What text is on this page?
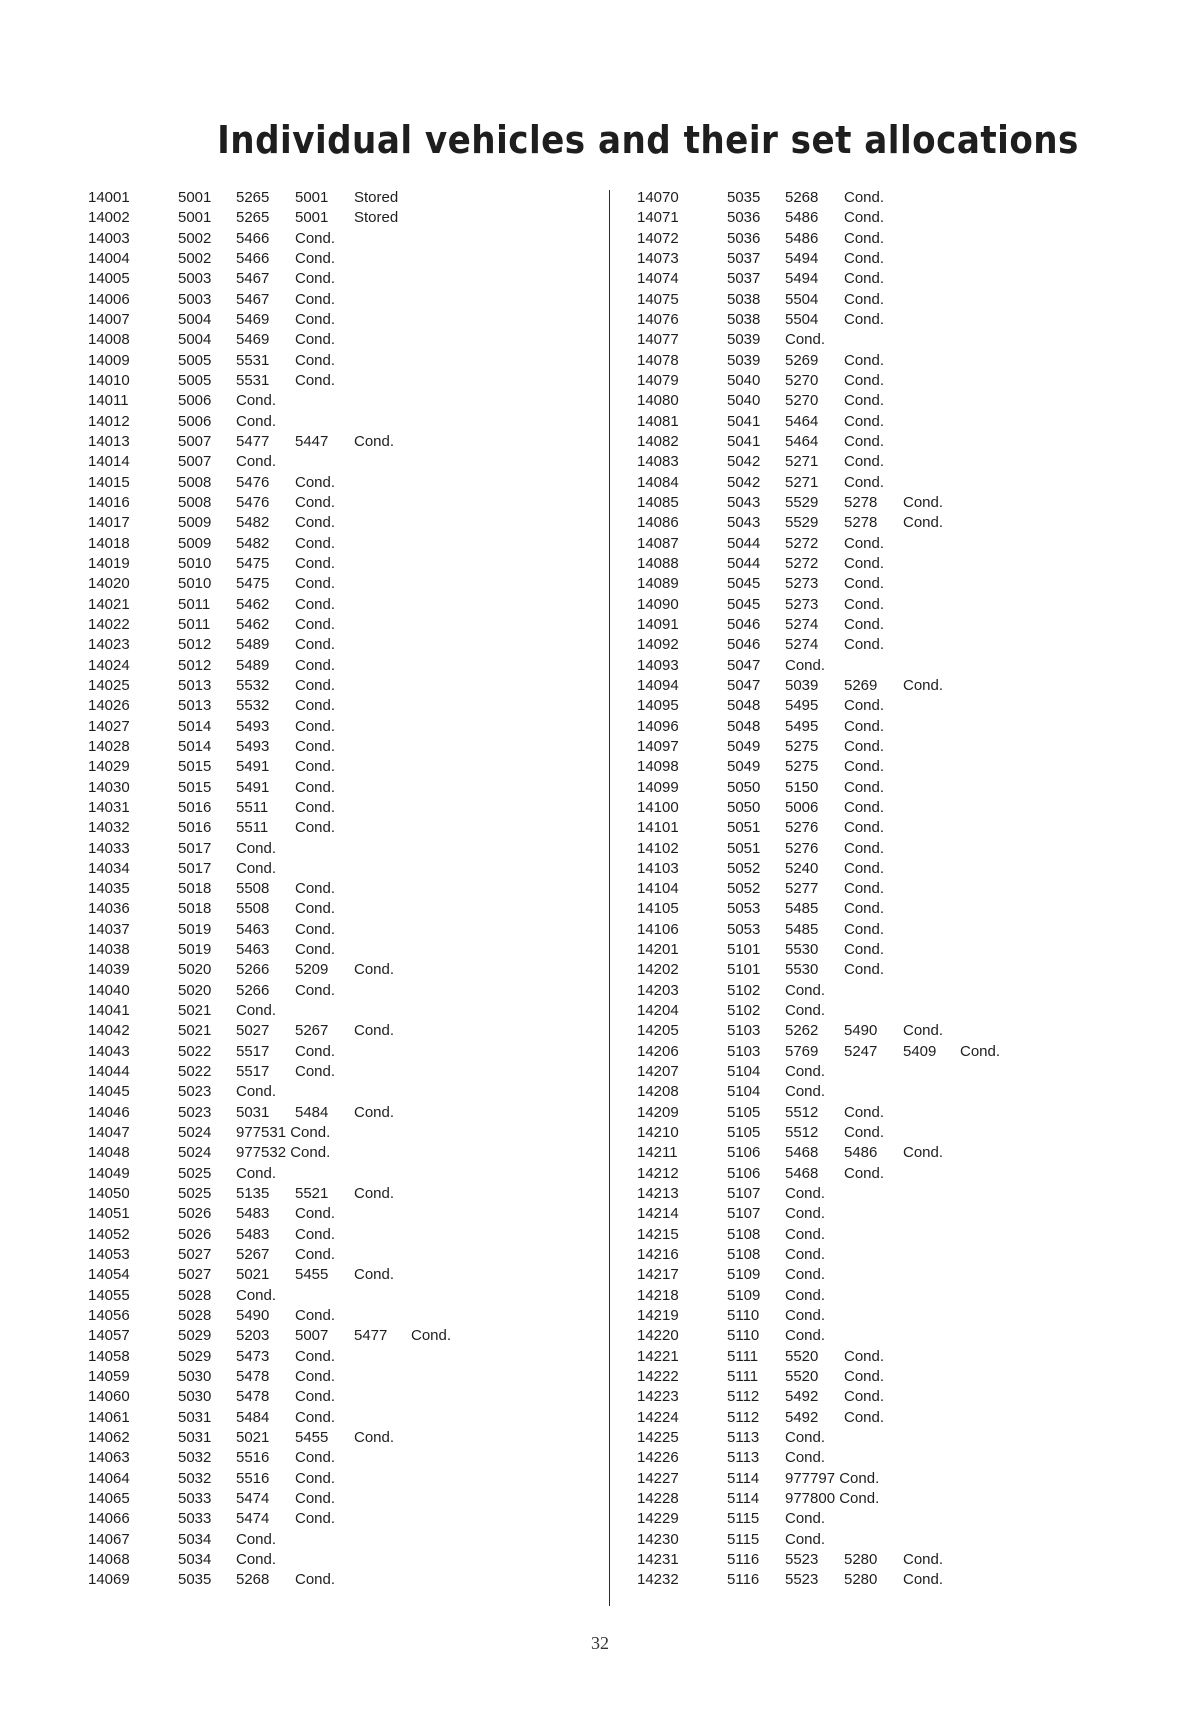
Individual vehicles and their set allocations
14001	5001 5265 5001 Stored
14002	5001 5265 5001 Stored
14003	5002 5466 Cond.
14004	5002 5466 Cond.
14005	5003 5467 Cond.
14006	5003 5467 Cond.
14007	5004 5469 Cond.
14008	5004 5469 Cond.
14009	5005 5531 Cond.
14010	5005 5531 Cond.
14011	5006 Cond.
14012	5006 Cond.
14013	5007 5477 5447 Cond.
14014	5007 Cond.
14015	5008 5476 Cond.
14016	5008 5476 Cond.
14017	5009 5482 Cond.
14018	5009 5482 Cond.
14019	5010 5475 Cond.
14020	5010 5475 Cond.
14021	5011 5462 Cond.
14022	5011 5462 Cond.
14023	5012 5489 Cond.
14024	5012 5489 Cond.
14025	5013 5532 Cond.
14026	5013 5532 Cond.
14027	5014 5493 Cond.
14028	5014 5493 Cond.
14029	5015 5491 Cond.
14030	5015 5491 Cond.
14031	5016 5511 Cond.
14032	5016 5511 Cond.
14033	5017 Cond.
14034	5017 Cond.
14035	5018 5508 Cond.
14036	5018 5508 Cond.
14037	5019 5463 Cond.
14038	5019 5463 Cond.
14039	5020 5266 5209 Cond.
14040	5020 5266 Cond.
14041	5021 Cond.
14042	5021 5027 5267 Cond.
14043	5022 5517 Cond.
14044	5022 5517 Cond.
14045	5023 Cond.
14046	5023 5031 5484 Cond.
14047	5024 977531 Cond.
14048	5024 977532 Cond.
14049	5025 Cond.
14050	5025 5135 5521 Cond.
14051	5026 5483 Cond.
14052	5026 5483 Cond.
14053	5027 5267 Cond.
14054	5027 5021 5455 Cond.
14055	5028 Cond.
14056	5028 5490 Cond.
14057	5029 5203 5007 5477 Cond.
14058	5029 5473 Cond.
14059	5030 5478 Cond.
14060	5030 5478 Cond.
14061	5031 5484 Cond.
14062	5031 5021 5455 Cond.
14063	5032 5516 Cond.
14064	5032 5516 Cond.
14065	5033 5474 Cond.
14066	5033 5474 Cond.
14067	5034 Cond.
14068	5034 Cond.
14069	5035 5268 Cond.
14070	5035 5268 Cond.
14071	5036 5486 Cond.
14072	5036 5486 Cond.
14073	5037 5494 Cond.
14074	5037 5494 Cond.
14075	5038 5504 Cond.
14076	5038 5504 Cond.
14077	5039 Cond.
14078	5039 5269 Cond.
14079	5040 5270 Cond.
14080	5040 5270 Cond.
14081	5041 5464 Cond.
14082	5041 5464 Cond.
14083	5042 5271 Cond.
14084	5042 5271 Cond.
14085	5043 5529 5278 Cond.
14086	5043 5529 5278 Cond.
14087	5044 5272 Cond.
14088	5044 5272 Cond.
14089	5045 5273 Cond.
14090	5045 5273 Cond.
14091	5046 5274 Cond.
14092	5046 5274 Cond.
14093	5047 Cond.
14094	5047 5039 5269 Cond.
14095	5048 5495 Cond.
14096	5048 5495 Cond.
14097	5049 5275 Cond.
14098	5049 5275 Cond.
14099	5050 5150 Cond.
14100	5050 5006 Cond.
14101	5051 5276 Cond.
14102	5051 5276 Cond.
14103	5052 5240 Cond.
14104	5052 5277 Cond.
14105	5053 5485 Cond.
14106	5053 5485 Cond.
14201	5101 5530 Cond.
14202	5101 5530 Cond.
14203	5102 Cond.
14204	5102 Cond.
14205	5103 5262 5490 Cond.
14206	5103 5769 5247 5409 Cond.
14207	5104 Cond.
14208	5104 Cond.
14209	5105 5512 Cond.
14210	5105 5512 Cond.
14211	5106 5468 5486 Cond.
14212	5106 5468 Cond.
14213	5107 Cond.
14214	5107 Cond.
14215	5108 Cond.
14216	5108 Cond.
14217	5109 Cond.
14218	5109 Cond.
14219	5110 Cond.
14220	5110 Cond.
14221	5111 5520 Cond.
14222	5111 5520 Cond.
14223	5112 5492 Cond.
14224	5112 5492 Cond.
14225	5113 Cond.
14226	5113 Cond.
14227	5114 977797 Cond.
14228	5114 977800 Cond.
14229	5115 Cond.
14230	5115 Cond.
14231	5116 5523 5280 Cond.
14232	5116 5523 5280 Cond.
32
